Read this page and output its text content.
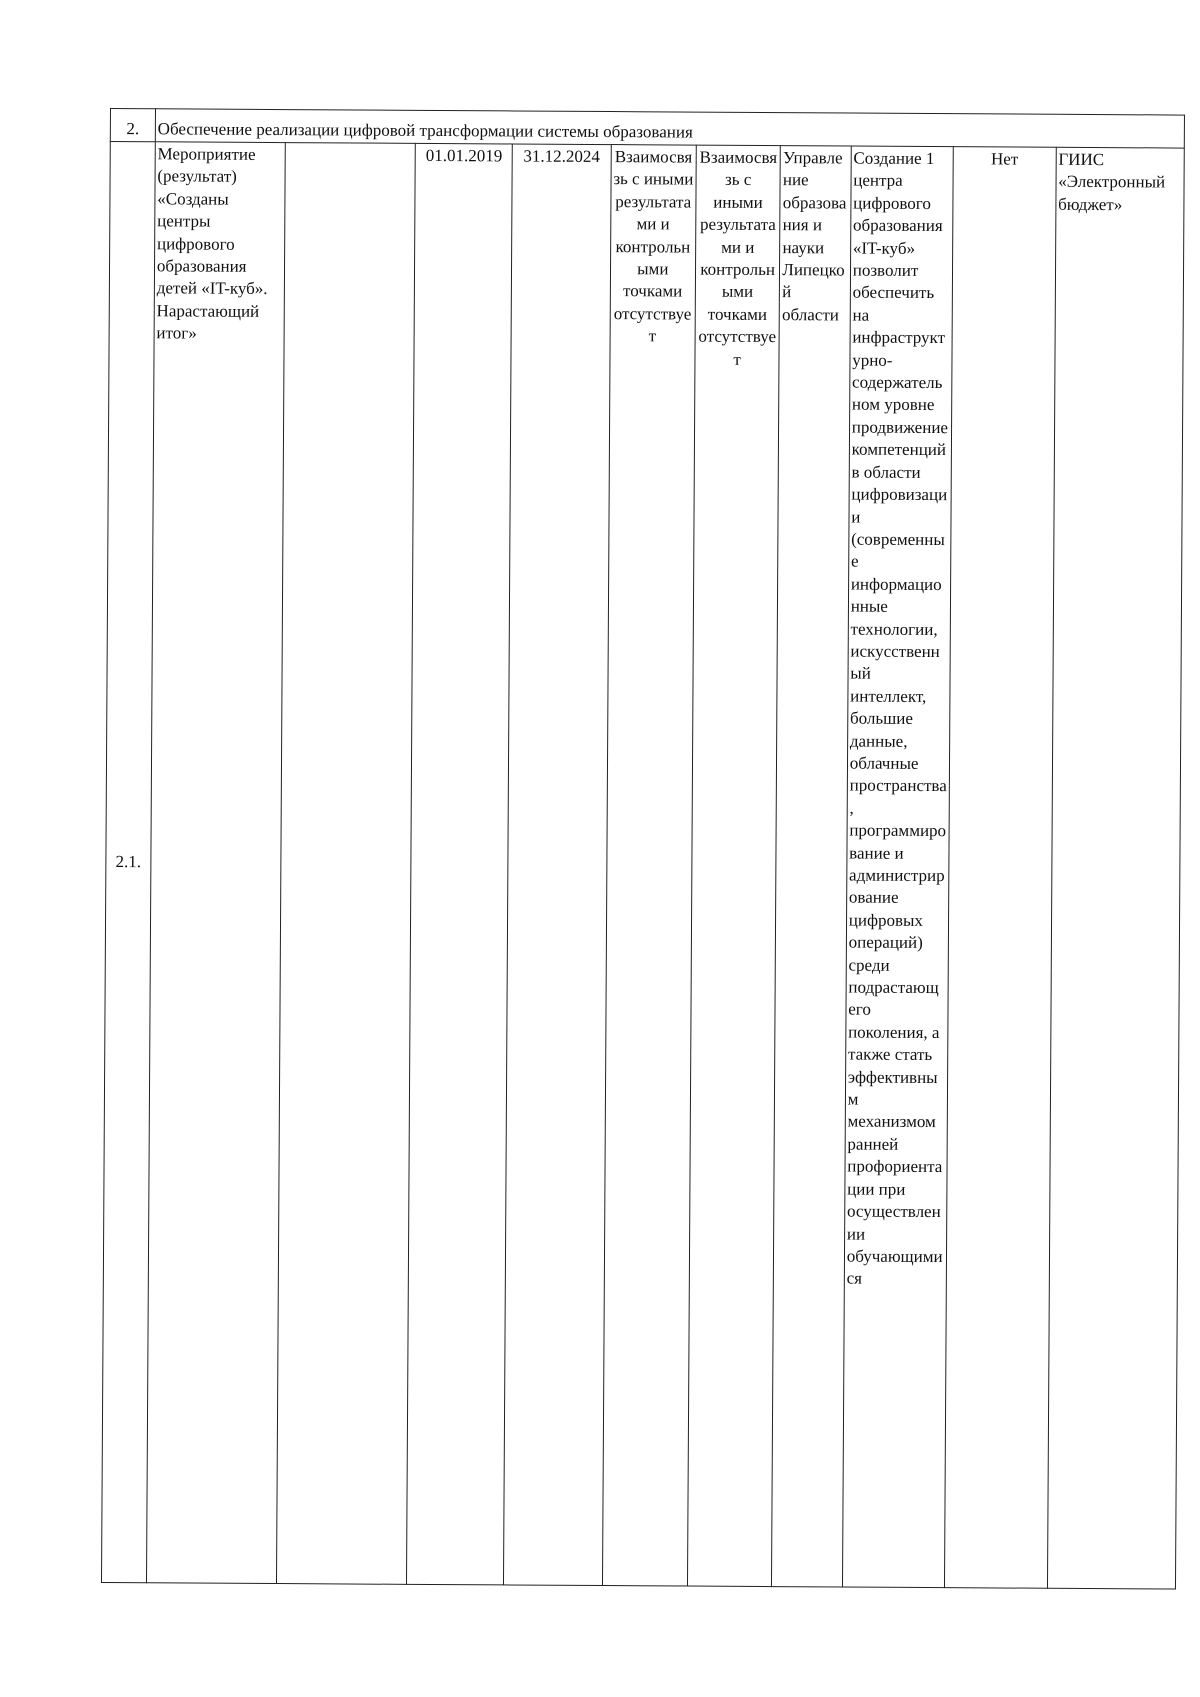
2.	Обеспечение реализации цифровой трансформации системы образования									
2.1.	Мероприятие (результат) «Созданы центры цифрового образования детей «IT-куб». Нарастающий итог»		01.01.2019	31.12.2024	Взаимосвязь с иными результатами и контрольными точками отсутствует	Взаимосвязь с иными результатами и контрольными точками отсутствует	Управление образования и науки Липецкой области	Создание 1 центра цифрового образования «IT-куб» позволит обеспечить на инфраструктурно-содержательном уровне продвижение компетенций в области цифровизации (современные информационные технологии, искусственный интеллект, большие данные, облачные пространства, программирование и администрирование цифровых операций) среди подрастающего поколения, а также стать эффективным механизмом ранней профориентации при осуществлении обучающимися	Нет	ГИИС «Электронный бюджет»
